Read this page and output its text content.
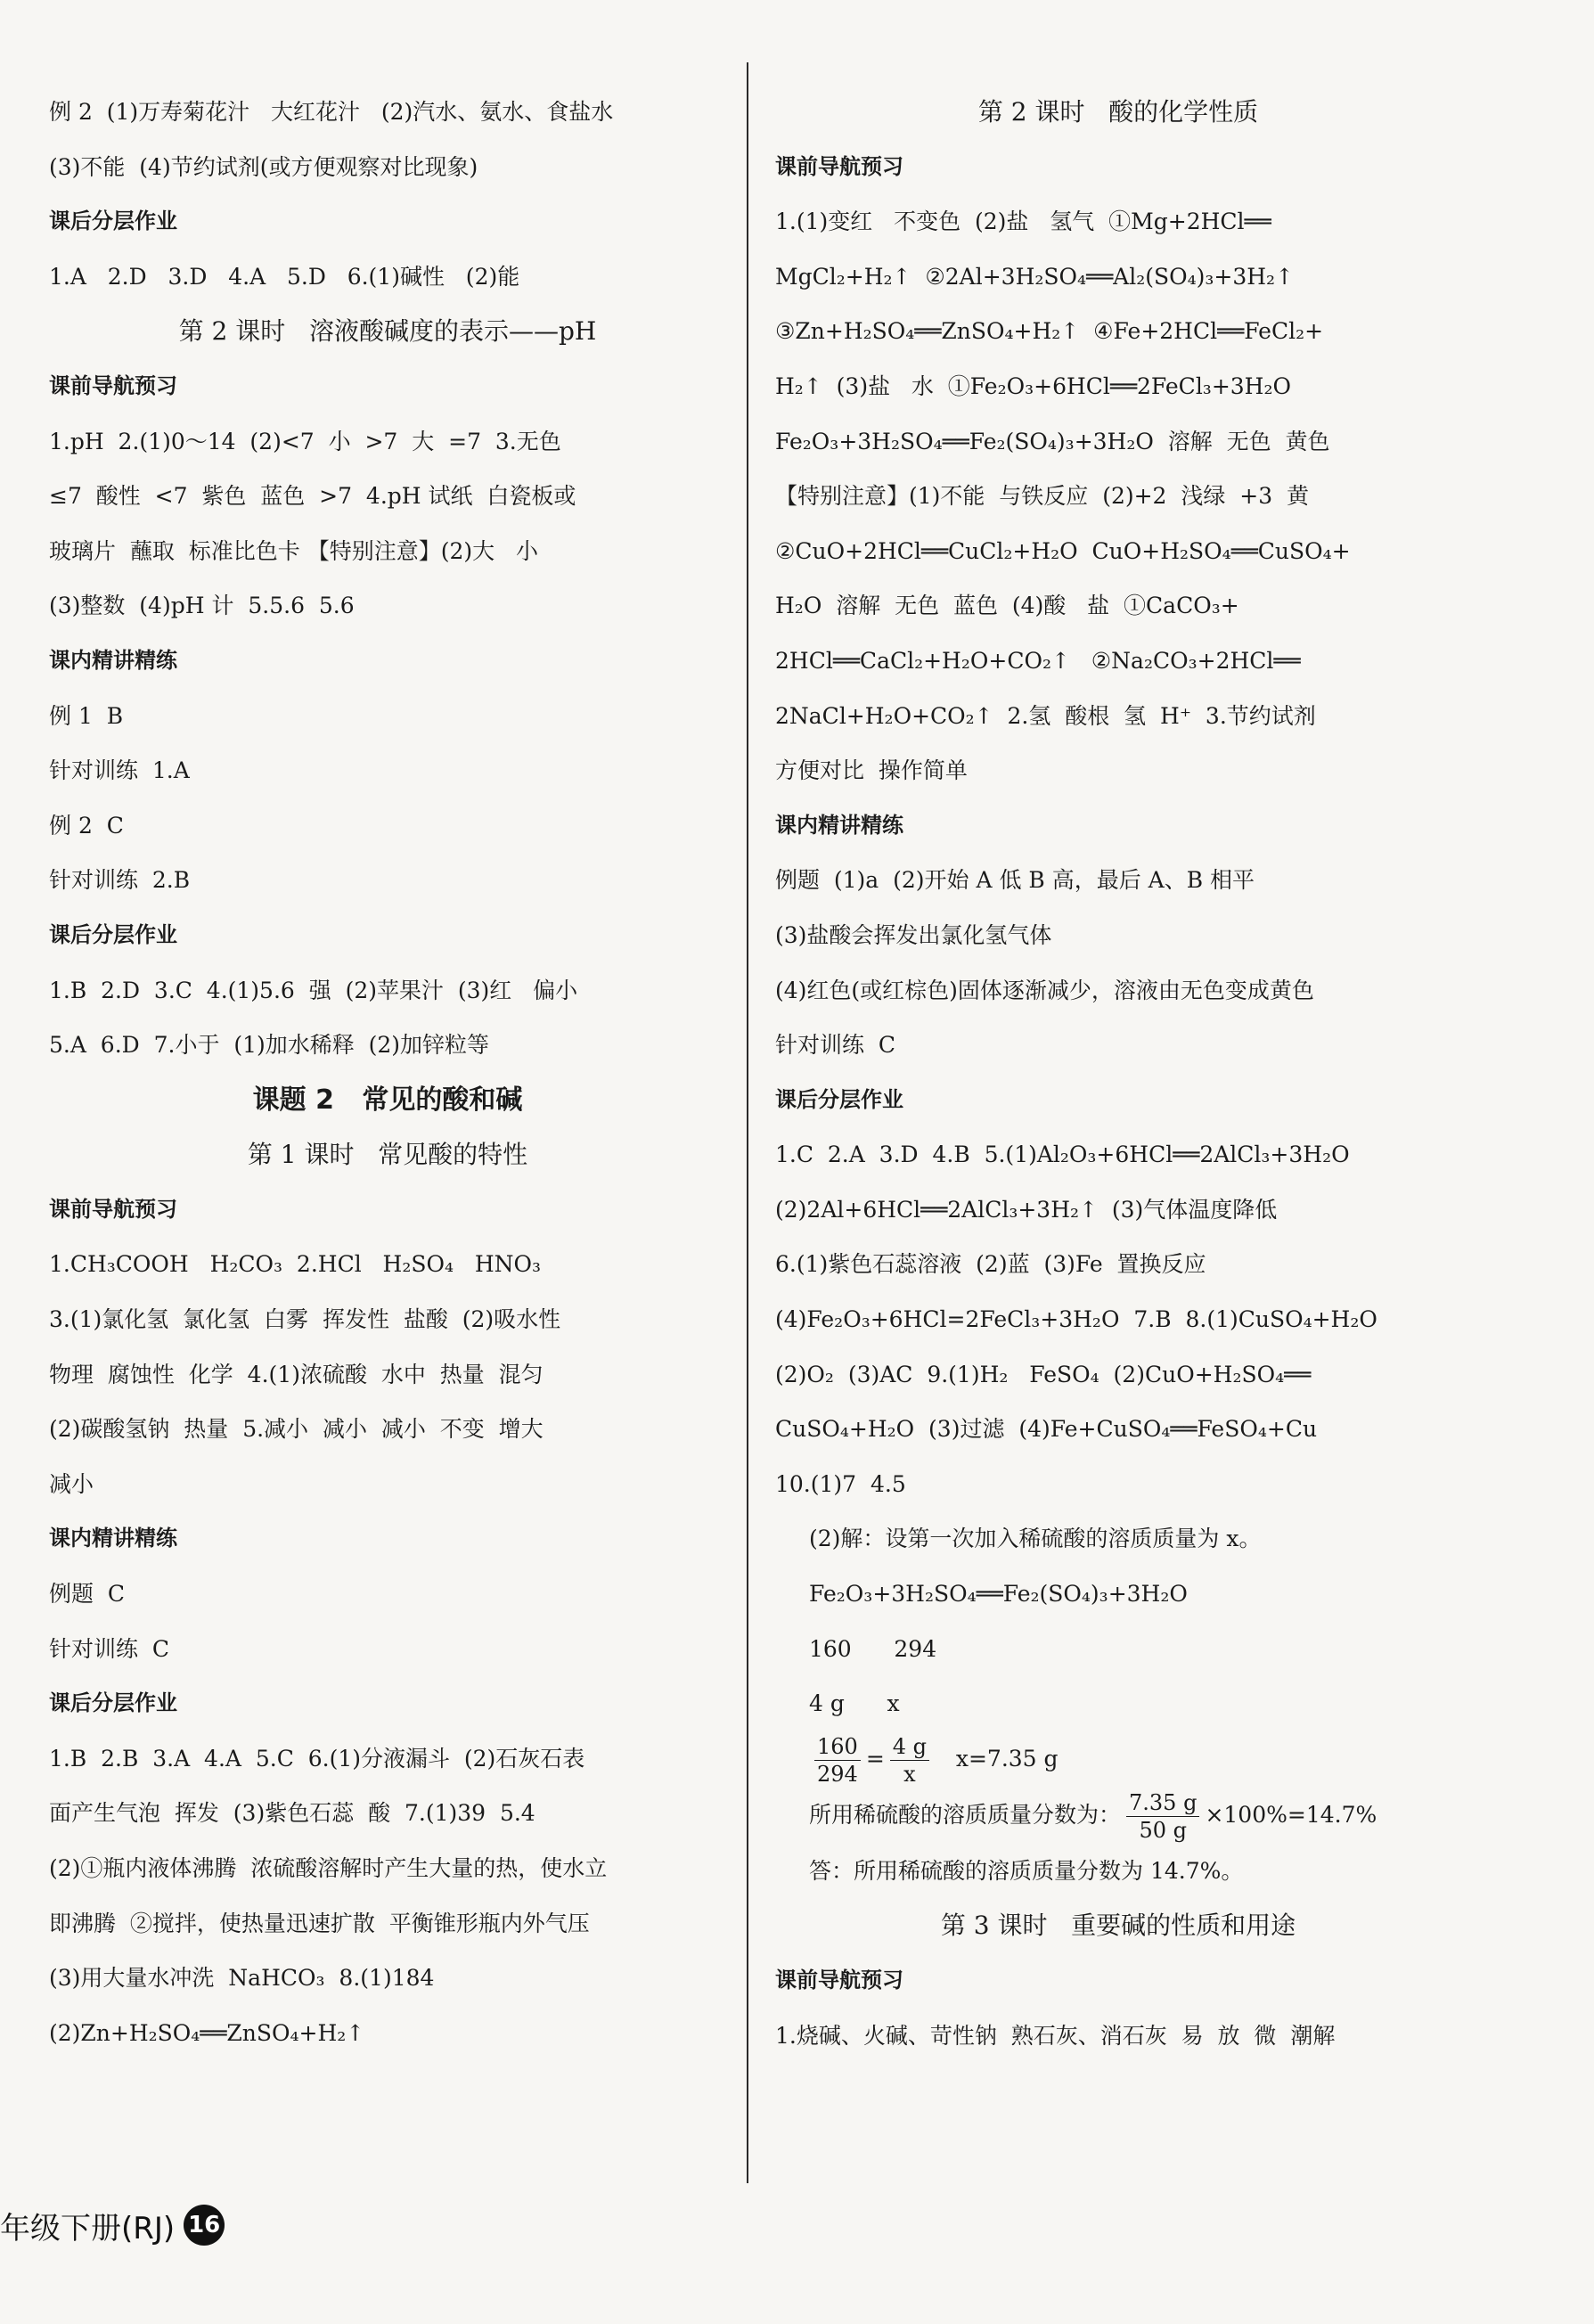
例 2  (1)万寿菊花汁   大红花汁   (2)汽水、氨水、食盐水
(3)不能  (4)节约试剂(或方便观察对比现象)
课后分层作业
1.A   2.D   3.D   4.A   5.D   6.(1)碱性   (2)能
第 2 课时   溶液酸碱度的表示——pH
课前导航预习
1.pH  2.(1)0～14  (2)<7  小  >7  大  =7  3.无色
≤7  酸性  <7  紫色  蓝色  >7  4.pH 试纸  白瓷板或
玻璃片  蘸取  标准比色卡 【特别注意】(2)大   小
(3)整数  (4)pH 计  5.5.6  5.6
课内精讲精练
例 1  B
针对训练  1.A
例 2  C
针对训练  2.B
课后分层作业
1.B  2.D  3.C  4.(1)5.6  强  (2)苹果汁  (3)红   偏小
5.A  6.D  7.小于  (1)加水稀释  (2)加锌粒等
课题 2   常见的酸和碱
第 1 课时   常见酸的特性
课前导航预习
1.CH₃COOH   H₂CO₃  2.HCl   H₂SO₄   HNO₃
3.(1)氯化氢  氯化氢  白雾  挥发性  盐酸  (2)吸水性
物理  腐蚀性  化学  4.(1)浓硫酸  水中  热量  混匀
(2)碳酸氢钠  热量  5.减小  减小  减小  不变  增大
减小
课内精讲精练
例题  C
针对训练  C
课后分层作业
1.B  2.B  3.A  4.A  5.C  6.(1)分液漏斗  (2)石灰石表
面产生气泡  挥发  (3)紫色石蕊  酸  7.(1)39  5.4
(2)①瓶内液体沸腾  浓硫酸溶解时产生大量的热，使水立
即沸腾  ②搅拌，使热量迅速扩散  平衡锥形瓶内外气压
(3)用大量水冲洗  NaHCO₃  8.(1)184
(2)Zn+H₂SO₄══ZnSO₄+H₂↑
第 2 课时   酸的化学性质
课前导航预习
1.(1)变红   不变色  (2)盐   氢气  ①Mg+2HCl══
MgCl₂+H₂↑  ②2Al+3H₂SO₄══Al₂(SO₄)₃+3H₂↑
③Zn+H₂SO₄══ZnSO₄+H₂↑  ④Fe+2HCl══FeCl₂+
H₂↑  (3)盐   水  ①Fe₂O₃+6HCl══2FeCl₃+3H₂O
Fe₂O₃+3H₂SO₄══Fe₂(SO₄)₃+3H₂O  溶解  无色  黄色
【特别注意】(1)不能  与铁反应  (2)+2  浅绿  +3  黄
②CuO+2HCl══CuCl₂+H₂O  CuO+H₂SO₄══CuSO₄+
H₂O  溶解  无色  蓝色  (4)酸   盐  ①CaCO₃+
2HCl══CaCl₂+H₂O+CO₂↑   ②Na₂CO₃+2HCl══
2NaCl+H₂O+CO₂↑  2.氢  酸根  氢  H⁺  3.节约试剂
方便对比  操作简单
课内精讲精练
例题  (1)a  (2)开始 A 低 B 高，最后 A、B 相平
(3)盐酸会挥发出氯化氢气体
(4)红色(或红棕色)固体逐渐减少，溶液由无色变成黄色
针对训练  C
课后分层作业
1.C  2.A  3.D  4.B  5.(1)Al₂O₃+6HCl══2AlCl₃+3H₂O
(2)2Al+6HCl══2AlCl₃+3H₂↑  (3)气体温度降低
6.(1)紫色石蕊溶液  (2)蓝  (3)Fe  置换反应
(4)Fe₂O₃+6HCl=2FeCl₃+3H₂O  7.B  8.(1)CuSO₄+H₂O
(2)O₂  (3)AC  9.(1)H₂   FeSO₄  (2)CuO+H₂SO₄══
CuSO₄+H₂O  (3)过滤  (4)Fe+CuSO₄══FeSO₄+Cu
10.(1)7  4.5
(2)解：设第一次加入稀硫酸的溶质质量为 x。
Fe₂O₃+3H₂SO₄══Fe₂(SO₄)₃+3H₂O
160      294
4 g      x
$\frac{160}{294} = \frac{4 g}{x} x=7.35$ g
所用稀硫酸的溶质质量分数为： $\frac{7.35 g}{50 g} \times 100\%=14.7\%$
答：所用稀硫酸的溶质质量分数为 14.7%。
第 3 课时   重要碱的性质和用途
课前导航预习
1.烧碱、火碱、苛性钠  熟石灰、消石灰  易  放  微  潮解
年级下册(RJ) 16
